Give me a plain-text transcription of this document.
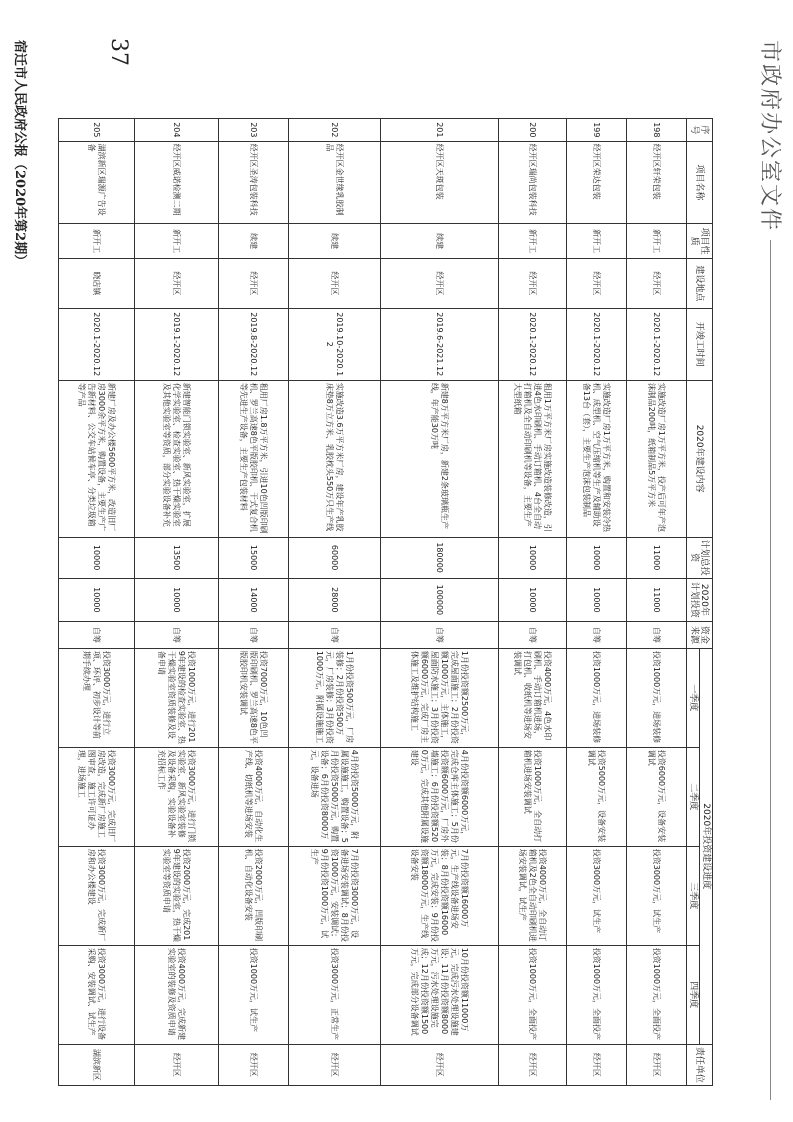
市政府办公室文件
序号	项目名称	项目性质	建设地点	开竣工时间	2020年建设内容	计划总投资	2020年计划投资	资金来源	2020年投资建设进度				责任单位
									一季度	二季度	三季度	四季度	
198	经开区轩荣包装	新开工	经开区	2020.1-2020.12	实施改造厂房1万平方米，投产后可年产泡沫制品200吨，纸箱制品5万平方米	11000	11000	自筹	投资1000万元，进场装修	投资6000万元，设备安装调试	投资3000万元，试生产	投资1000万元，全面投产	经开区
199	经开区荣达包装	新开工	经开区	2020.1-2020.12	实施改造厂房1万平方米，购置和安装冷热机、成型机、空气压缩机等生产及辅助设备13台（套），主要生产泡沫包装制品	10000	10000	自筹	投资1000万元，进场装修	投资5000万元，设备安装调试	投资3000万元，试生产	投资1000万元，全面投产	经开区
200	经开区瑞尚包装科技	新开工	经开区	2020.1-2020.12	租用1万平方米厂房实施改造装修改造，引进4色水印刷机、手动订箱机、4台全自动打箱机及全自动印刷机等设备，主要生产大型纸箱	10000	10000	自筹	投资4000万元，4色水印刷机、手动订箱机进场，打包机、收纸机等进场安装调试	投资1000万元，全自动打箱机进场安装调试	投资4000万元，全自动订箱机及2色全自动印刷机进场安装调试，试生产	投资1000万元，全面投产	经开区
201	经开区天斑包装	续建	经开区	2019.6-2021.12	新建8万平方米厂房，新建2条玻璃瓶生产线，年产能30万吨	180000	100000	自筹	1月份投资额2500万元，完成屋面施工；2月份投资额1000万元，主体施工，屋面防水施工；3月份投资额6000万元，完成厂房主体施工及维护结构施工	4月份投资额6000万元，完成仓库主体施工；5月份投资额6000万元，厂房外墙施工；6月份投资额5200万元，完成其他附属设施建设	7月份投资额16000万元，生产线设备进场安装；8月份投资额16000万元，完成安装；9月份投资额18000万元，生产线设备安装	10月份投资额11000万元，完成污水处理设施建设；11月份投资额8000万元，污水处理设施完成；12月份投资额1500万元，完成部分设备调试	经开区
202	经开区金世缘乳胶制品	续建	经开区	2019.10-2020.12	实施改造3.6万平方米厂房，建设年产乳胶床垫8万立方米、乳胶枕头550万只生产线	60000	28000	自筹	1月份投资500万元，厂房装修；2月份投资500万元，厂房装修；3月份投资1000万元，附属设施施工	4月份投资5000万元，附属设施施工，购置设备；5月份投资5000万元，购置设备；6月份投资8000万元，设备进场	7月份投资3000万元，设备进场安装调试；8月份投资1000万元，安装调试；9月份投资1000万元，试生产	投资3000万元，正常生产	经开区
203	经开区圣涛包装科技	续建	经开区	2019.8-2020.12	租用厂房1.8万平方米，引进10色凹版印刷机、罗兰高速8色平版胶印机、干式复合机等先进生产设备，主要生产包装材料	15000	14000	自筹	投资7000万元，10色凹版印刷机、罗兰高速8色平版胶印机安装调试	投资4000万元，自动化生产线、切纸机等进场安装	投资2000万元，凹版印刷机、自动化设备安装	投资1000万元，试生产	经开区
204	经开区威诺检测二期	新开工	经开区	2019.1-2020.12	新建智能门锁实验室、新风实验室，扩展化学实验室、检查实验室、热干燥实验室及其他实验室等资质，部分实验设备补充	13500	10000	自筹	投资1000万元，进行2019年建设的检查实验室、热干燥实验室资质装修及设备申请	投资3000万元，进行门锁实验室、新风实验室装修及设备采购，实验设备补充招标工作	投资2000万元，完成2019年建设的实验室，热干燥实验室等资质申请	投资4000万元，完成新建实验室的装修及资质申请	经开区
205	湖滨新区瑞源广告设备	新开工	晓店镇	2020.1-2020.12	新建厂房及办公楼5600平方米，改造旧厂房3000余平方米，购置设备，主要生产广告新材料、公交车站候车亭、分类垃圾箱等产品	10000	10000	自筹	投资3000万元，进行立项、环评、初步设计等前期手续办理	投资3000万元，完成旧厂房改造，完成新厂房施工图审查，施工许可证办理，进场施工	投资3000万元，完成新厂房和办公楼建设	投资3000万元，进行设备采购、安装调试、试生产	湖滨新区
37
宿迁市人民政府公报（2020年第2期）
